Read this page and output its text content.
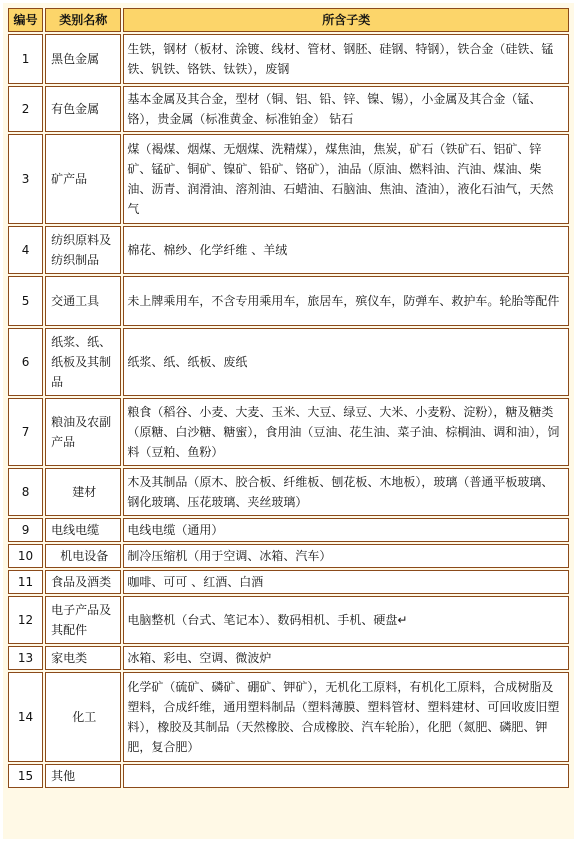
编号	类别名称	所含子类
1	黑色金属	生铁，钢材（板材、涂镀、线材、管材、钢胚、硅钢、特钢），铁合金（硅铁、锰铁、钒铁、铬铁、钛铁），废钢
2	有色金属	基本金属及其合金，型材（铜、铝、铅、锌、镍、锡），小金属及其合金（锰、铬），贵金属（标准黄金、标准铂金） 钻石
3	矿产品	煤（褐煤、烟煤、无烟煤、洗精煤），煤焦油，焦炭，矿石（铁矿石、铝矿、锌矿、锰矿、铜矿、镍矿、铅矿、铬矿），油品（原油、燃料油、汽油、煤油、柴油、沥青、润滑油、溶剂油、石蜡油、石脑油、焦油、渣油），液化石油气，天然气
4	纺织原料及纺织制品	棉花、棉纱、化学纤维 、羊绒
5	交通工具	未上牌乘用车，不含专用乘用车，旅居车，殡仪车，防弹车、救护车。轮胎等配件
6	纸浆、纸、纸板及其制品	纸浆、纸、纸板、废纸
7	粮油及农副产品	粮食（稻谷、小麦、大麦、玉米、大豆、绿豆、大米、小麦粉、淀粉），糖及糖类（原糖、白沙糖、糖蜜），食用油（豆油、花生油、菜子油、棕榈油、调和油），饲料（豆粕、鱼粉）
8	建材	木及其制品（原木、胶合板、纤维板、刨花板、木地板），玻璃（普通平板玻璃、钢化玻璃、压花玻璃、夹丝玻璃）
9	电线电缆	电线电缆（通用）
10	机电设备	制冷压缩机（用于空调、冰箱、汽车）
11	食品及酒类	咖啡、可可 、红酒、白酒
12	电子产品及其配件	电脑整机（台式、笔记本）、数码相机、手机、硬盘↵
13	家电类	冰箱、彩电、空调、微波炉
14	化工	化学矿（硫矿、磷矿、硼矿、钾矿），无机化工原料，有机化工原料，合成树脂及塑料，合成纤维，通用塑料制品（塑料薄膜、塑料管材、塑料建材、可回收废旧塑料），橡胶及其制品（天然橡胶、合成橡胶、汽车轮胎），化肥（氮肥、磷肥、钾肥，复合肥）
15	其他	
